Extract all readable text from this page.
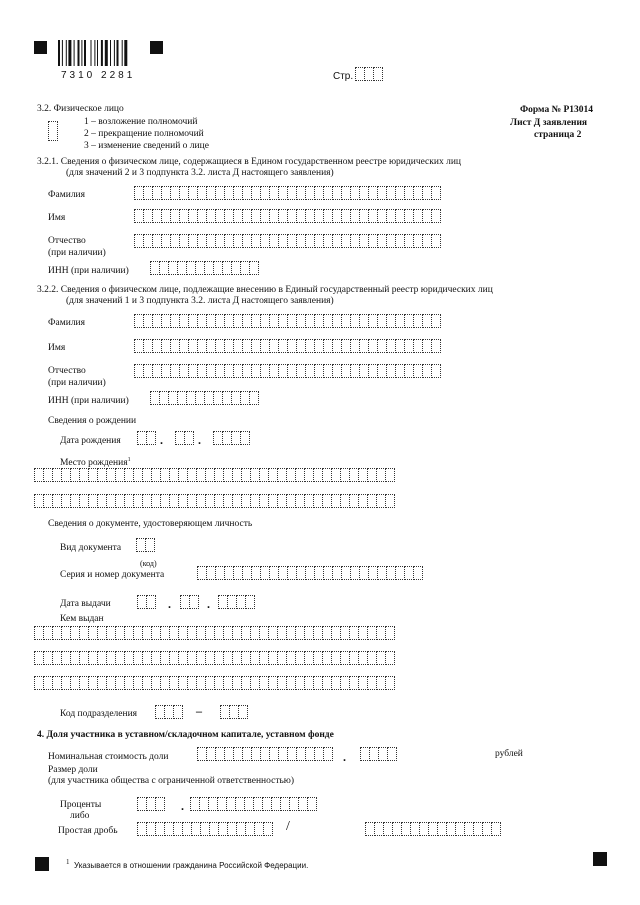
7310 2281	Стр.
Форма № Р13014
Лист Д заявления
страница 2
3.2. Физическое лицо
1 – возложение полномочий
2 – прекращение полномочий
3 – изменение сведений о лице
3.2.1. Сведения о физическом лице, содержащиеся в Едином государственном реестре юридических лиц
(для значений 2 и 3 подпункта 3.2. листа Д настоящего заявления)
Фамилия
Имя
Отчество
(при наличии)
ИНН (при наличии)
3.2.2. Сведения о физическом лице, подлежащие внесению в Единый государственный реестр юридических лиц
(для значений 1 и 3 подпункта 3.2. листа Д настоящего заявления)
Фамилия
Имя
Отчество
(при наличии)
ИНН (при наличии)
Сведения о рождении
Дата рождения	.	.
Место рождения$^1$
Сведения о документе, удостоверяющем личность
Вид документа
(код)
Серия и номер документа
Дата выдачи	.	.
Кем выдан
Код подразделения	–
4. Доля участника в уставном/складочном капитале, уставном фонде
Номинальная стоимость доли	.	рублей
Размер доли
(для участника общества с ограниченной ответственностью)
Проценты	.
либо
Простая дробь	/
1 Указывается в отношении гражданина Российской Федерации.
